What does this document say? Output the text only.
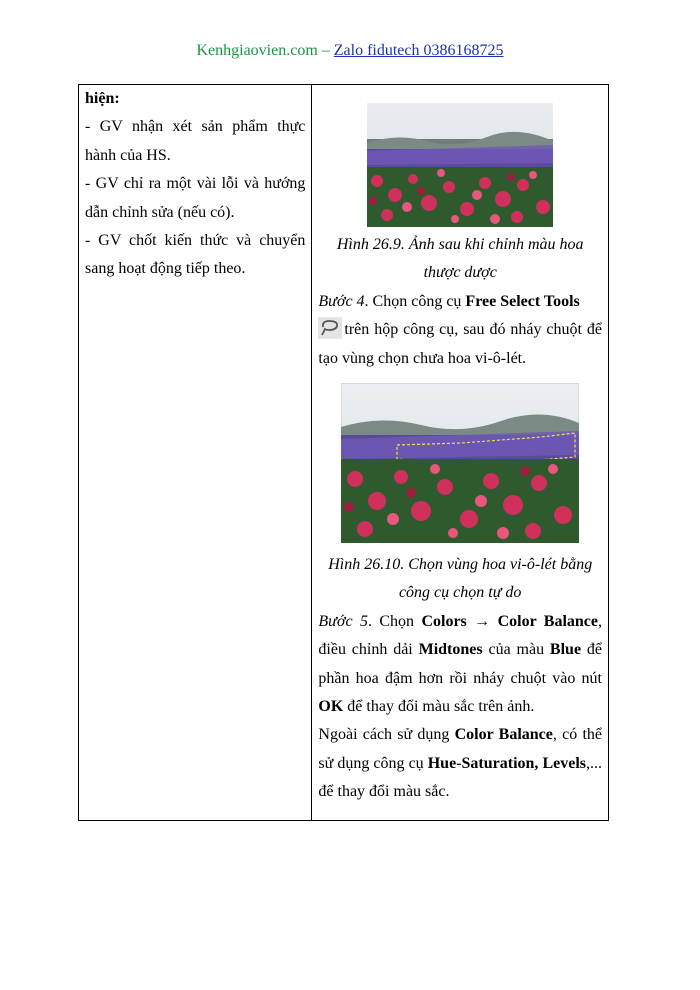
Kenhgiaovien.com – Zalo fidutech 0386168725

hiện:

- GV nhận xét sản phẩm thực hành của HS.

- GV chỉ ra một vài lỗi và hướng dẫn chỉnh sửa (nếu có).

- GV chốt kiến thức và chuyển sang hoạt động tiếp theo.

Hình 26.9. Ảnh sau khi chỉnh màu hoa thược dược

Bước 4. Chọn công cụ Free Select Tools
trên hộp công cụ, sau đó nháy chuột để tạo vùng chọn chưa hoa vi-ô-lét.

Hình 26.10. Chọn vùng hoa vi-ô-lét bằng công cụ chọn tự do

Bước 5. Chọn Colors → Color Balance, điều chỉnh dải Midtones của màu Blue để phần hoa đậm hơn rồi nháy chuột vào nút OK để thay đổi màu sắc trên ảnh.

Ngoài cách sử dụng Color Balance, có thể sử dụng công cụ Hue-Saturation, Levels,... để thay đổi màu sắc.
